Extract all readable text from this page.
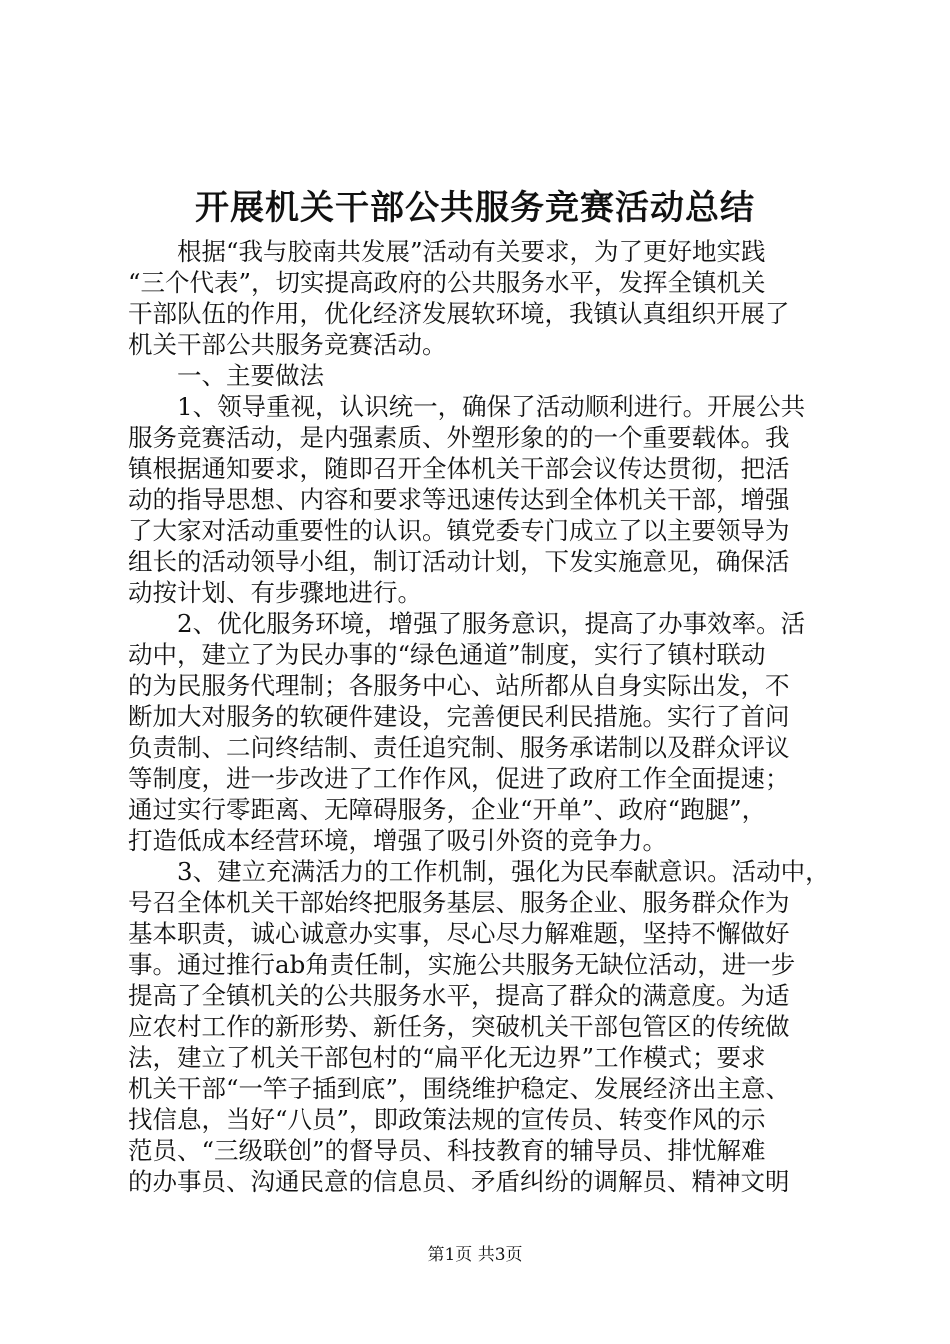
开展机关干部公共服务竞赛活动总结

根据“我与胶南共发展”活动有关要求，为了更好地实践

“三个代表”，切实提高政府的公共服务水平，发挥全镇机关

干部队伍的作用，优化经济发展软环境，我镇认真组织开展了

机关干部公共服务竞赛活动。

一、主要做法

1、领导重视，认识统一，确保了活动顺利进行。开展公共

服务竞赛活动，是内强素质、外塑形象的的一个重要载体。我

镇根据通知要求，随即召开全体机关干部会议传达贯彻，把活

动的指导思想、内容和要求等迅速传达到全体机关干部，增强

了大家对活动重要性的认识。镇党委专门成立了以主要领导为

组长的活动领导小组，制订活动计划，下发实施意见，确保活

动按计划、有步骤地进行。

2、优化服务环境，增强了服务意识，提高了办事效率。活

动中，建立了为民办事的“绿色通道”制度，实行了镇村联动

的为民服务代理制；各服务中心、站所都从自身实际出发，不

断加大对服务的软硬件建设，完善便民利民措施。实行了首问

负责制、二问终结制、责任追究制、服务承诺制以及群众评议

等制度，进一步改进了工作作风，促进了政府工作全面提速；

通过实行零距离、无障碍服务，企业“开单”、政府“跑腿”，

打造低成本经营环境，增强了吸引外资的竞争力。

3、建立充满活力的工作机制，强化为民奉献意识。活动中，

号召全体机关干部始终把服务基层、服务企业、服务群众作为

基本职责，诚心诚意办实事，尽心尽力解难题，坚持不懈做好

事。通过推行ab角责任制，实施公共服务无缺位活动，进一步

提高了全镇机关的公共服务水平，提高了群众的满意度。为适

应农村工作的新形势、新任务，突破机关干部包管区的传统做

法，建立了机关干部包村的“扁平化无边界”工作模式；要求

机关干部“一竿子插到底”，围绕维护稳定、发展经济出主意、

找信息，当好“八员”，即政策法规的宣传员、转变作风的示

范员、“三级联创”的督导员、科技教育的辅导员、排忧解难

的办事员、沟通民意的信息员、矛盾纠纷的调解员、精神文明

第1页 共3页
